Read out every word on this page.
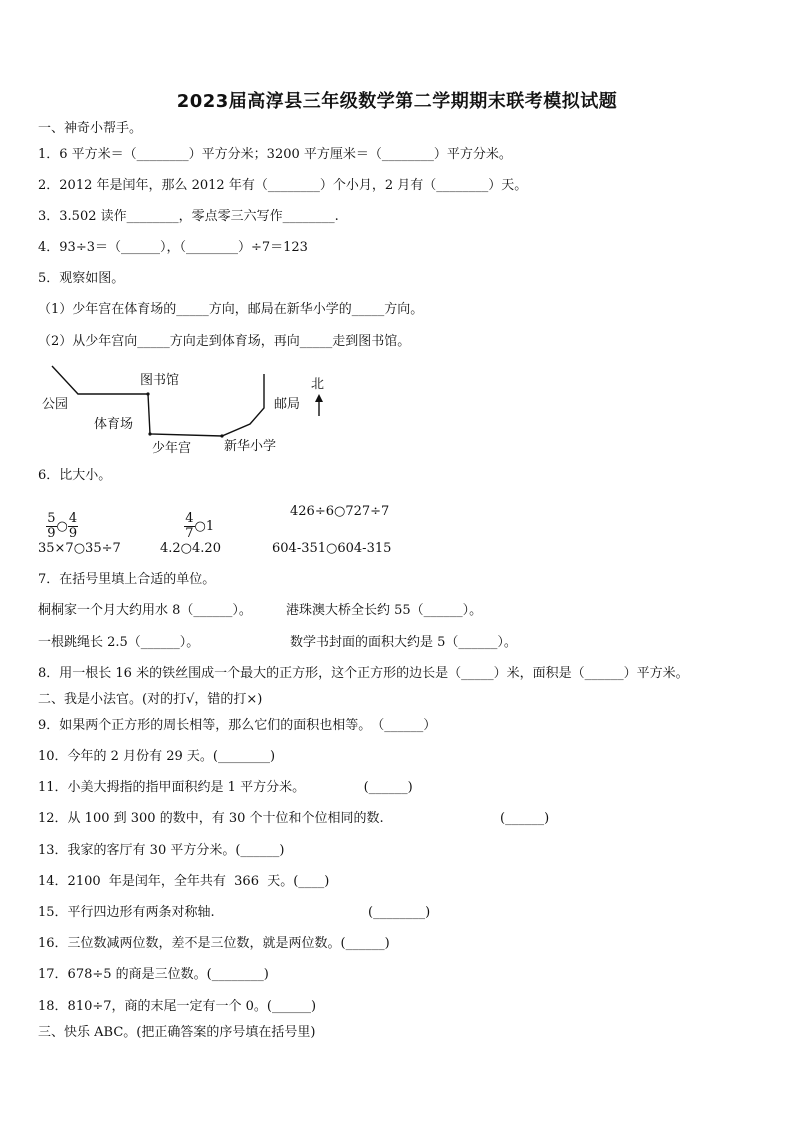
2023届高淳县三年级数学第二学期期末联考模拟试题
一、神奇小帮手。
1．6 平方米＝（________）平方分米；3200 平方厘米＝（________）平方分米。
2．2012 年是闰年，那么 2012 年有（________）个小月，2 月有（________）天。
3．3.502 读作________，零点零三六写作________.
4．93÷3＝（______），（________）÷7＝123
5．观察如图。
（1）少年宫在体育场的_____方向，邮局在新华小学的_____方向。
（2）从少年宫向_____方向走到体育场，再向_____走到图书馆。
公园
图书馆
体育场
少年宫	新华小学
邮局
北
6．比大小。

$\frac{5}{9}$ ○ $\frac{4}{9}$

	$\frac{4}{7}$ ○1

426÷6○727÷7
35×7○35÷7	4.2○4.20	604-351○604-315
7．在括号里填上合适的单位。
桐桐家一个月大约用水 8（______）。	港珠澳大桥全长约 55（______）。
一根跳绳长 2.5（______）。	数学书封面的面积大约是 5（______）。
8．用一根长 16 米的铁丝围成一个最大的正方形，这个正方形的边长是（_____）米，面积是（______）平方米。
二、我是小法官。(对的打√，错的打×)
9．如果两个正方形的周长相等，那么它们的面积也相等。　（______）
10．今年的 2 月份有 29 天。(________)
11．小美大拇指的指甲面积约是 1 平方分米。　　　　　(______)
12．从 100 到 300 的数中，有 30 个十位和个位相同的数.	(______)
13．我家的客厅有 30 平方分米。(______)
14．2100  年是闰年，全年共有  366  天。(____)
15．平行四边形有两条对称轴.	(________)
16．三位数减两位数，差不是三位数，就是两位数。(______)
17．678÷5 的商是三位数。(________)
18．810÷7，商的末尾一定有一个 0。(______)
三、快乐 ABC。(把正确答案的序号填在括号里)
